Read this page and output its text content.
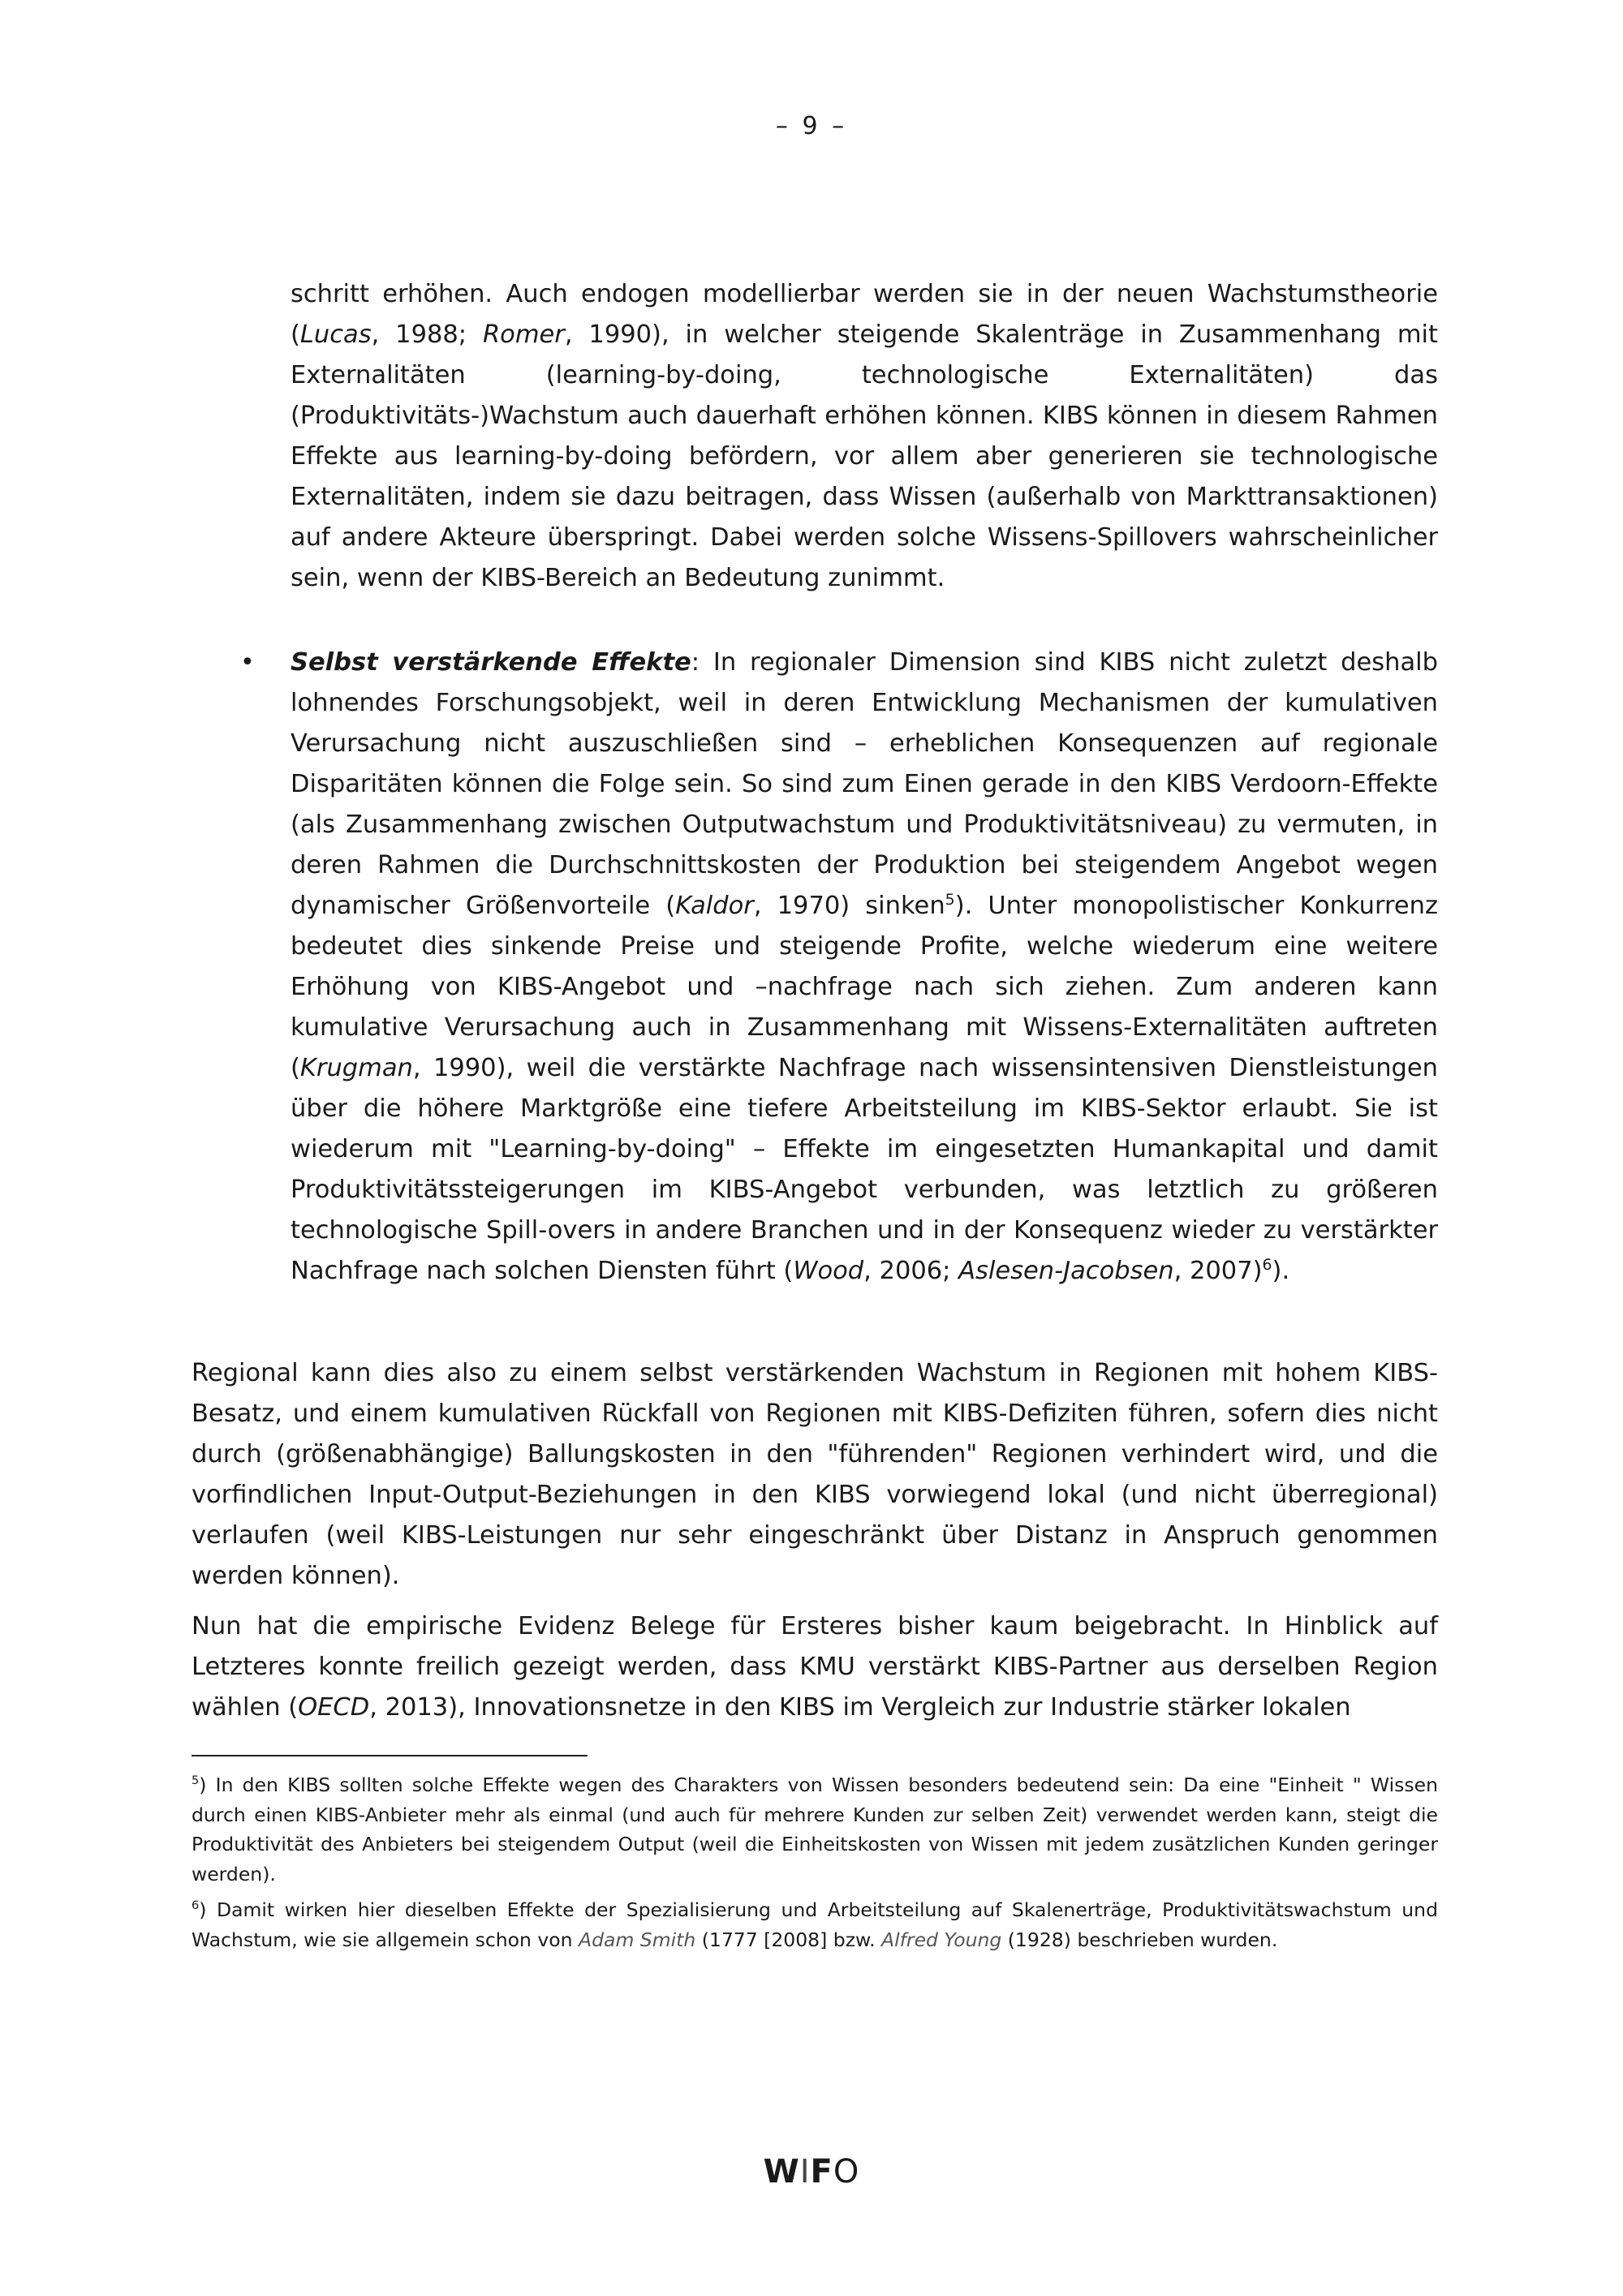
– 9 –
schritt erhöhen. Auch endogen modellierbar werden sie in der neuen Wachstumstheorie (Lucas, 1988; Romer, 1990), in welcher steigende Skalenträge in Zusammenhang mit Externalitäten (learning-by-doing, technologische Externalitäten) das (Produktivitäts-)Wachstum auch dauerhaft erhöhen können. KIBS können in diesem Rahmen Effekte aus learning-by-doing befördern, vor allem aber generieren sie technologische Externalitäten, indem sie dazu beitragen, dass Wissen (außerhalb von Markttransaktionen) auf andere Akteure überspringt. Dabei werden solche Wissens-Spillovers wahrscheinlicher sein, wenn der KIBS-Bereich an Bedeutung zunimmt.
• Selbst verstärkende Effekte: In regionaler Dimension sind KIBS nicht zuletzt deshalb lohnendes Forschungsobjekt, weil in deren Entwicklung Mechanismen der kumulativen Verursachung nicht auszuschließen sind – erheblichen Konsequenzen auf regionale Disparitäten können die Folge sein. So sind zum Einen gerade in den KIBS Verdoorn-Effekte (als Zusammenhang zwischen Outputwachstum und Produktivitätsniveau) zu vermuten, in deren Rahmen die Durchschnittskosten der Produktion bei steigendem Angebot wegen dynamischer Größenvorteile (Kaldor, 1970) sinken$^5$). Unter monopolistischer Konkurrenz bedeutet dies sinkende Preise und steigende Profite, welche wiederum eine weitere Erhöhung von KIBS-Angebot und –nachfrage nach sich ziehen. Zum anderen kann kumulative Verursachung auch in Zusammenhang mit Wissens-Externalitäten auftreten (Krugman, 1990), weil die verstärkte Nachfrage nach wissensintensiven Dienstleistungen über die höhere Marktgröße eine tiefere Arbeitsteilung im KIBS-Sektor erlaubt. Sie ist wiederum mit "Learning-by-doing" – Effekte im eingesetzten Humankapital und damit Produktivitätssteigerungen im KIBS-Angebot verbunden, was letztlich zu größeren technologische Spill-overs in andere Branchen und in der Konsequenz wieder zu verstärkter Nachfrage nach solchen Diensten führt (Wood, 2006; Aslesen-Jacobsen, 2007)$^6$).

Regional kann dies also zu einem selbst verstärkenden Wachstum in Regionen mit hohem KIBS-Besatz, und einem kumulativen Rückfall von Regionen mit KIBS-Defiziten führen, sofern dies nicht durch (größenabhängige) Ballungskosten in den "führenden" Regionen verhindert wird, und die vorfindlichen Input-Output-Beziehungen in den KIBS vorwiegend lokal (und nicht überregional) verlaufen (weil KIBS-Leistungen nur sehr eingeschränkt über Distanz in Anspruch genommen werden können).

Nun hat die empirische Evidenz Belege für Ersteres bisher kaum beigebracht. In Hinblick auf Letzteres konnte freilich gezeigt werden, dass KMU verstärkt KIBS-Partner aus derselben Region wählen (OECD, 2013), Innovationsnetze in den KIBS im Vergleich zur Industrie stärker lokalen

$^5$) In den KIBS sollten solche Effekte wegen des Charakters von Wissen besonders bedeutend sein: Da eine "Einheit " Wissen durch einen KIBS-Anbieter mehr als einmal (und auch für mehrere Kunden zur selben Zeit) verwendet werden kann, steigt die Produktivität des Anbieters bei steigendem Output (weil die Einheitskosten von Wissen mit jedem zusätzlichen Kunden geringer werden).
$^6$) Damit wirken hier dieselben Effekte der Spezialisierung und Arbeitsteilung auf Skalenerträge, Produktivitätswachstum und Wachstum, wie sie allgemein schon von Adam Smith (1777 [2008] bzw. Alfred Young (1928) beschrieben wurden.
WIFO
